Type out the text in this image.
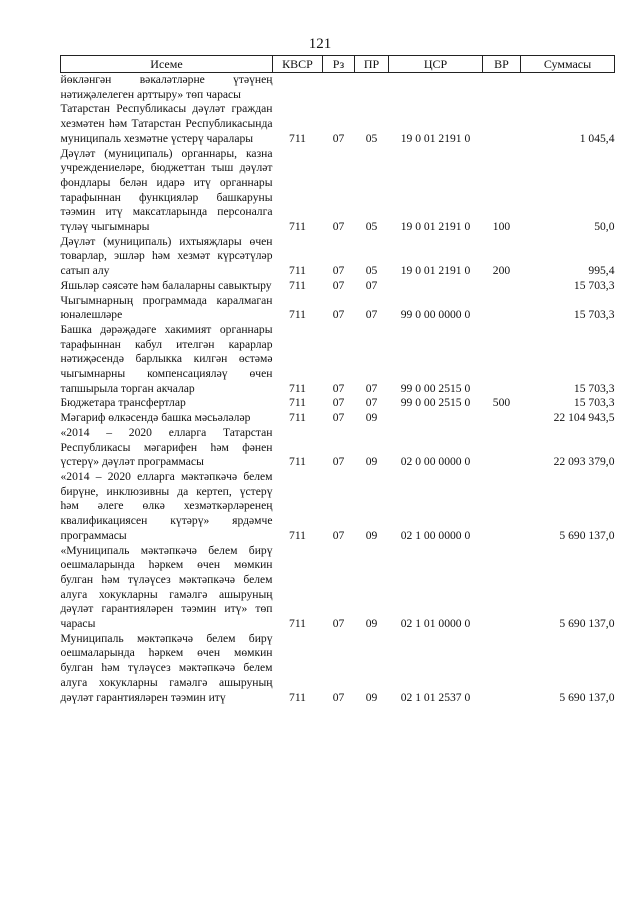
121
Исеме	КВСР	Рз	ПР	ЦСР	ВР	Суммасы
йөкләнгән вәкаләтләрне үтәүнең нәтиҗәлелеген арттыру» төп чарасы						
Татарстан Республикасы дәүләт граждан хезмәтен һәм Татарстан Республикасында муниципаль хезмәтне үстерү чаралары	711	07	05	19 0 01 2191 0		1 045,4
Дәүләт (муниципаль) органнары, казна учреждениеләре, бюджеттан тыш дәүләт фондлары белән идарә итү органнары тарафыннан функцияләр башкаруны тәэмин итү максатларында персоналга түләү чыгымнары	711	07	05	19 0 01 2191 0	100	50,0
Дәүләт (муниципаль) ихтыяҗлары өчен товарлар, эшләр һәм хезмәт күрсәтүләр сатып алу	711	07	05	19 0 01 2191 0	200	995,4
Яшьләр сәясәте һәм балаларны савыктыру	711	07	07			15 703,3
Чыгымнарның программада каралмаган юнәлешләре	711	07	07	99 0 00 0000 0		15 703,3
Башка дәрәҗәдәге хакимият органнары тарафыннан кабул ителгән карарлар нәтиҗәсендә барлыкка килгән өстәмә чыгымнарны компенсацияләү өчен тапшырыла торган акчалар	711	07	07	99 0 00 2515 0		15 703,3
Бюджетара трансфертлар	711	07	07	99 0 00 2515 0	500	15 703,3
Мәгариф өлкәсендә башка мәсьәләләр	711	07	09			22 104 943,5
«2014 – 2020 елларга Татарстан Республикасы мәгарифен һәм фәнен үстерү» дәүләт программасы	711	07	09	02 0 00 0000 0		22 093 379,0
«2014 – 2020 елларга мәктәпкәчә белем бирүне, инклюзивны да кертеп, үстерү һәм әлеге өлкә хезмәткәрләренең квалификациясен күтәрү» ярдәмче программасы	711	07	09	02 1 00 0000 0		5 690 137,0
«Муниципаль мәктәпкәчә белем бирү оешмаларында һәркем өчен мөмкин булган һәм түләүсез мәктәпкәчә белем алуга хокукларны гамәлгә ашыруның дәүләт гарантияләрен тәэмин итү» төп чарасы	711	07	09	02 1 01 0000 0		5 690 137,0
Муниципаль мәктәпкәчә белем бирү оешмаларында һәркем өчен мөмкин булган һәм түләүсез мәктәпкәчә белем алуга хокукларны гамәлгә ашыруның дәүләт гарантияләрен тәэмин итү	711	07	09	02 1 01 2537 0		5 690 137,0
